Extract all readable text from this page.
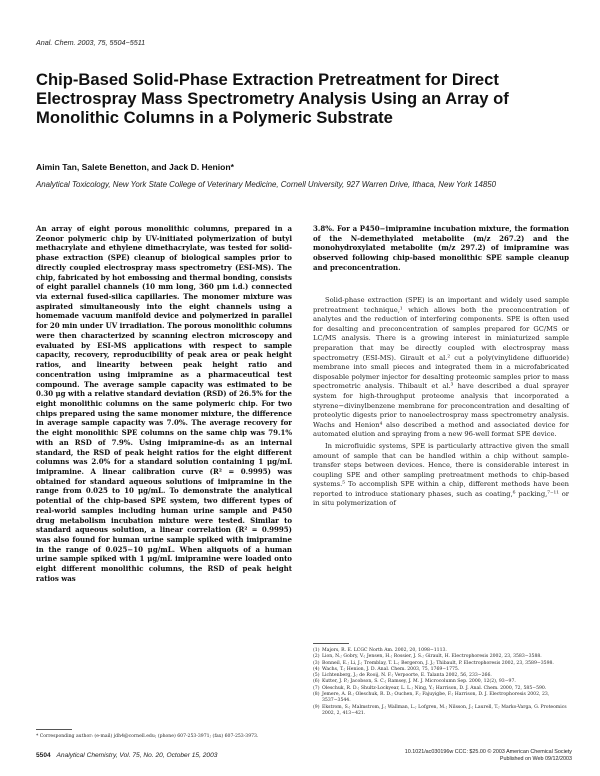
Anal. Chem. 2003, 75, 5504−5511
Chip-Based Solid-Phase Extraction Pretreatment for Direct Electrospray Mass Spectrometry Analysis Using an Array of Monolithic Columns in a Polymeric Substrate
Aimin Tan, Salete Benetton, and Jack D. Henion*
Analytical Toxicology, New York State College of Veterinary Medicine, Cornell University, 927 Warren Drive, Ithaca, New York 14850
An array of eight porous monolithic columns, prepared in a Zeonor polymeric chip by UV-initiated polymerization of butyl methacrylate and ethylene dimethacrylate, was tested for solid-phase extraction (SPE) cleanup of biological samples prior to directly coupled electrospray mass spectrometry (ESI-MS). The chip, fabricated by hot embossing and thermal bonding, consists of eight parallel channels (10 mm long, 360 μm i.d.) connected via external fused-silica capillaries. The monomer mixture was aspirated simultaneously into the eight channels using a homemade vacuum manifold device and polymerized in parallel for 20 min under UV irradiation. The porous monolithic columns were then characterized by scanning electron microscopy and evaluated by ESI-MS applications with respect to sample capacity, recovery, reproducibility of peak area or peak height ratios, and linearity between peak height ratio and concentration using imipramine as a pharmaceutical test compound. The average sample capacity was estimated to be 0.30 μg with a relative standard deviation (RSD) of 26.5% for the eight monolithic columns on the same polymeric chip. For two chips prepared using the same monomer mixture, the difference in average sample capacity was 7.0%. The average recovery for the eight monolithic SPE columns on the same chip was 79.1% with an RSD of 7.9%. Using imipramine-d₃ as an internal standard, the RSD of peak height ratios for the eight different columns was 2.0% for a standard solution containing 1 μg/mL imipramine. A linear calibration curve (R² = 0.9995) was obtained for standard aqueous solutions of imipramine in the range from 0.025 to 10 μg/mL. To demonstrate the analytical potential of the chip-based SPE system, two different types of real-world samples including human urine sample and P450 drug metabolism incubation mixture were tested. Similar to standard aqueous solution, a linear correlation (R² = 0.9995) was also found for human urine sample spiked with imipramine in the range of 0.025−10 μg/mL. When aliquots of a human urine sample spiked with 1 μg/mL imipramine were loaded onto eight different monolithic columns, the RSD of peak height ratios was
3.8%. For a P450−imipramine incubation mixture, the formation of the N-demethylated metabolite (m/z 267.2) and the monohydroxylated metabolite (m/z 297.2) of imipramine was observed following chip-based monolithic SPE sample cleanup and preconcentration.

Solid-phase extraction (SPE) is an important and widely used sample pretreatment technique,¹ which allows both the preconcentration of analytes and the reduction of interfering components. SPE is often used for desalting and preconcentration of samples prepared for GC/MS or LC/MS analysis. There is a growing interest in miniaturized sample preparation that may be directly coupled with electrospray mass spectrometry (ESI-MS). Girault et al.² cut a poly(vinylidene difluoride) membrane into small pieces and integrated them in a microfabricated disposable polymer injector for desalting proteomic samples prior to mass spectrometric analysis. Thibault et al.³ have described a dual sprayer system for high-throughput proteome analysis that incorporated a styrene−divinylbenzene membrane for preconcentration and desalting of proteolytic digests prior to nanoelectrospray mass spectrometry analysis. Wachs and Henion⁴ also described a method and associated device for automated elution and spraying from a new 96-well format SPE device.

In microfluidic systems, SPE is particularly attractive given the small amount of sample that can be handled within a chip without sample-transfer steps between devices. Hence, there is considerable interest in coupling SPE and other sampling pretreatment methods to chip-based systems.⁵ To accomplish SPE within a chip, different methods have been reported to introduce stationary phases, such as coating,⁶ packing,⁷⁻¹¹ or in situ polymerization of

(1) Majors, R. E. LCGC North Am. 2002, 20, 1098−1113.
(2) Lion, N.; Gobry, V.; Jensen, H.; Rossier, J. S.; Girault, H. Electrophoresis 2002, 23, 3583−3588.
(3) Bonneil, E.; Li, J.; Tremblay, T. L.; Bergeron, J. J.; Thibault, P. Electrophoresis 2002, 23, 3589−3598.
(4) Wachs, T.; Henion, J. D. Anal. Chem. 2003, 75, 1769−1775.
(5) Lichtenberg, J.; de Rooij, N. F.; Verpoorte, E. Talanta 2002, 56, 233−266.
(6) Kutter, J. P.; Jacobson, S. C.; Ramsey, J. M. J. Microcolumn Sep. 2000, 12(2), 93−97.
(7) Oleschuk, R. D.; Shultz-Lockyear, L. L.; Ning, Y.; Harrison, D. J. Anal. Chem. 2000, 72, 585−590.
(8) Jemere, A. B.; Oleschuk, R. D.; Ouchen, F.; Fajuyigbe, F.; Harrison, D. J. Electrophoresis 2002, 23, 3537−3544.
(9) Ekstrom, S.; Malmstrom, J.; Wallman, L.; Lofgren, M.; Nilsson, J.; Laurell, T.; Marko-Varga, G. Proteomics 2002, 2, 413−421.
* Corresponding author: (e-mail) jdh4@cornell.edu; (phone) 607-253-3971; (fax) 607-253-3973.
5504 Analytical Chemistry, Vol. 75, No. 20, October 15, 2003	10.1021/ac030196w CCC: $25.00 © 2003 American Chemical Society
Published on Web 09/12/2003
